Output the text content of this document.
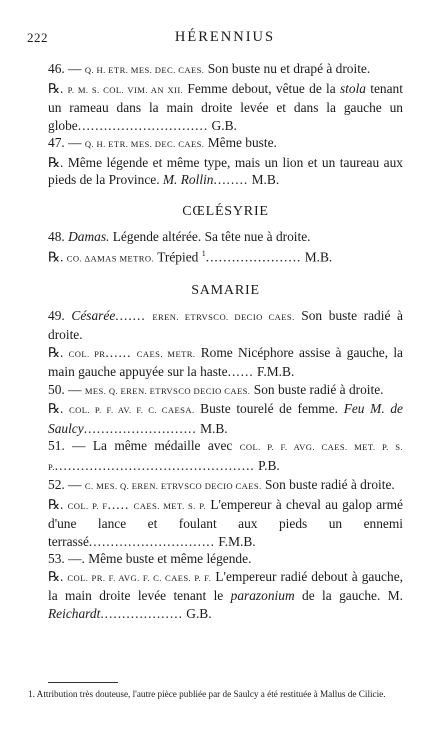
222	HÉRENNIUS

46. — Q. H. ETR. MES. DEC. CAES. Son buste nu et drapé à droite.

℞. P. M. S. COL. VIM. AN XII. Femme debout, vêtue de la stola tenant un rameau dans la main droite levée et dans la gauche un globe.............................. G.B.

47. — Q. H. ETR. MES. DEC. CAES. Même buste.

℞. Même légende et même type, mais un lion et un taureau aux pieds de la Province. M. Rollin........ M.B.

CŒLÉSYRIE

48. Damas. Légende altérée. Sa tête nue à droite.

℞. CO. ΔAMAS METRO. Trépied $^1$...................... M.B.

SAMARIE

49. Césarée....... EREN. ETRVSCO. DECIO CAES. Son buste radié à droite.

℞. COL. PR...... CAES. METR. Rome Nicéphore assise à gauche, la main gauche appuyée sur la haste...... F.M.B.

50. — MES. Q. EREN. ETRVSCO DECIO CAES. Son buste radié à droite.

℞. COL. P. F. AV. F. C. CAESA. Buste tourelé de femme. Feu M. de Saulcy.......................... M.B.

51. — La même médaille avec COL. P. F. AVG. CAES. MET. P. S. P............................................... P.B.

52. — C. MES. Q. EREN. ETRVSCO DECIO CAES. Son buste radié à droite.

℞. COL. P. F..... CAES. MET. S. P. L'empereur à cheval au galop armé d'une lance et foulant aux pieds un ennemi terrassé............................. F.M.B.

53. —. Même buste et même légende.

℞. COL. PR. F. AVG. F. C. CAES. P. F. L'empereur radié debout à gauche, la main droite levée tenant le parazonium de la gauche. M. Reichardt................... G.B.

1. Attribution très douteuse, l'autre pièce publiée par de Saulcy a été restituée à Mallus de Cilicie.
